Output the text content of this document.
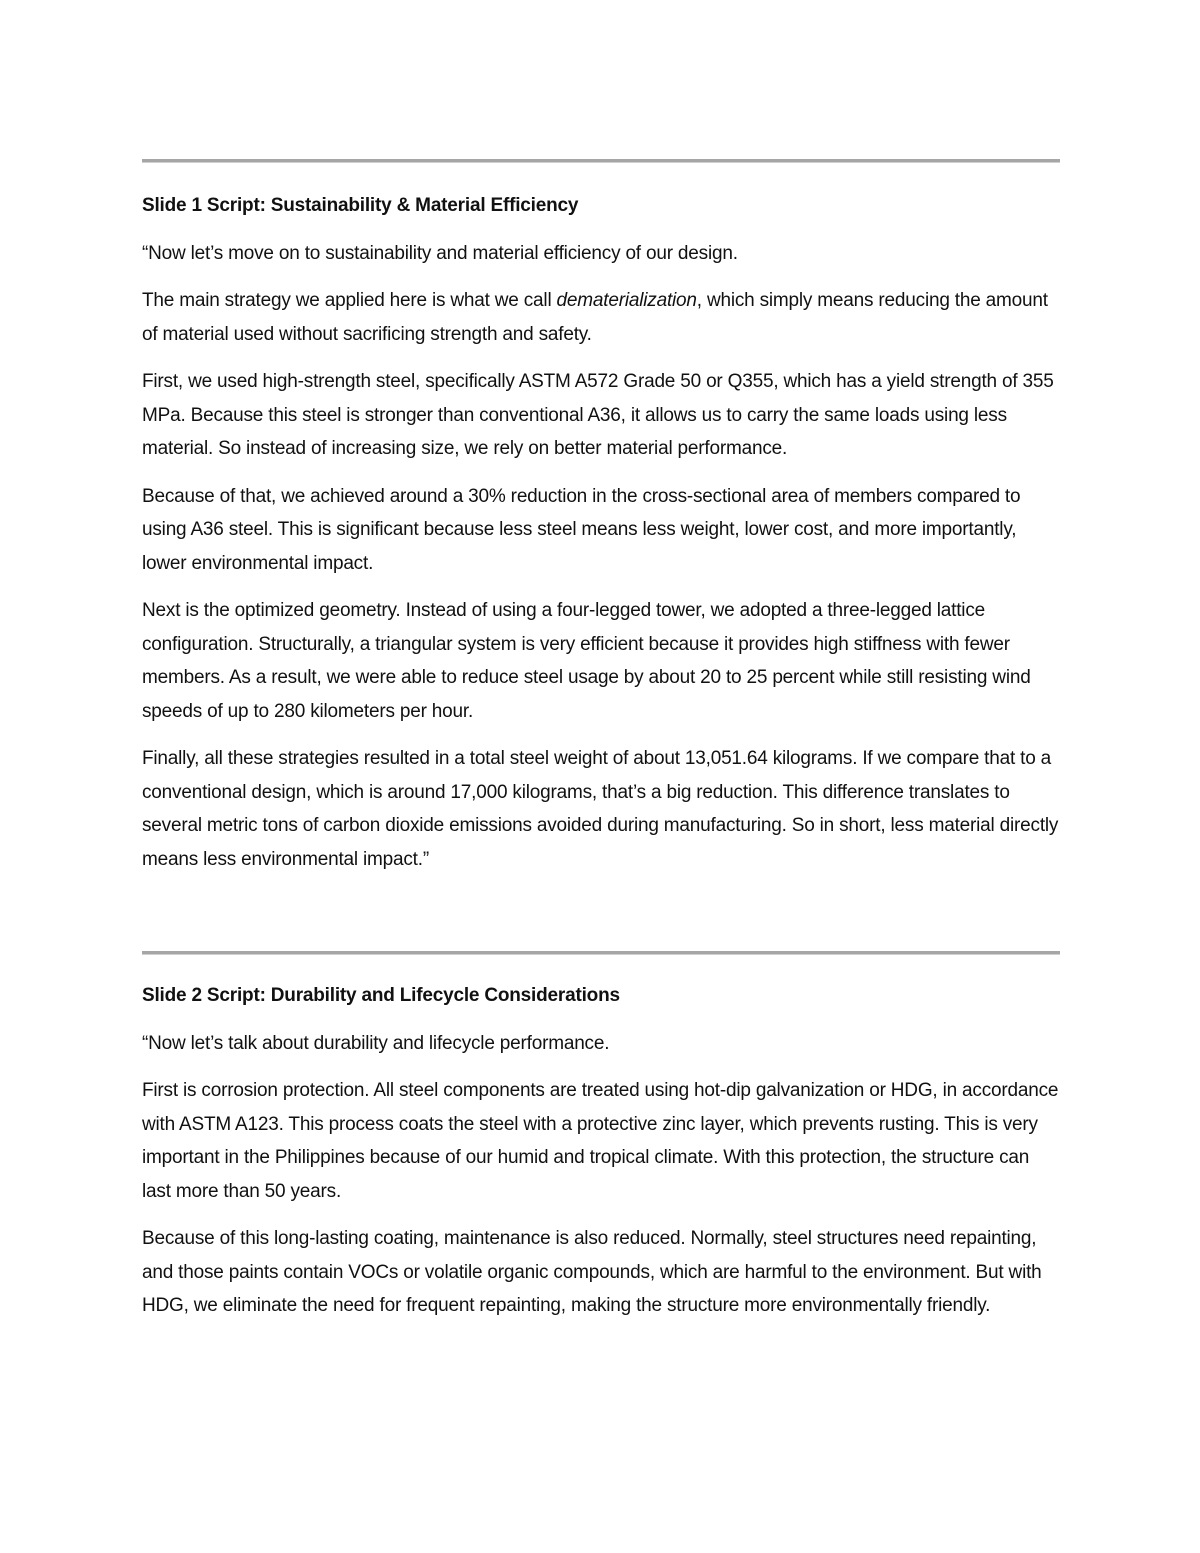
Slide 1 Script: Sustainability & Material Efficiency

“Now let’s move on to sustainability and material efficiency of our design.

The main strategy we applied here is what we call dematerialization, which simply means reducing the amount of material used without sacrificing strength and safety.

First, we used high-strength steel, specifically ASTM A572 Grade 50 or Q355, which has a yield strength of 355 MPa. Because this steel is stronger than conventional A36, it allows us to carry the same loads using less material. So instead of increasing size, we rely on better material performance.

Because of that, we achieved around a 30% reduction in the cross-sectional area of members compared to using A36 steel. This is significant because less steel means less weight, lower cost, and more importantly, lower environmental impact.

Next is the optimized geometry. Instead of using a four-legged tower, we adopted a three-legged lattice configuration. Structurally, a triangular system is very efficient because it provides high stiffness with fewer members. As a result, we were able to reduce steel usage by about 20 to 25 percent while still resisting wind speeds of up to 280 kilometers per hour.

Finally, all these strategies resulted in a total steel weight of about 13,051.64 kilograms. If we compare that to a conventional design, which is around 17,000 kilograms, that’s a big reduction. This difference translates to several metric tons of carbon dioxide emissions avoided during manufacturing. So in short, less material directly means less environmental impact.”

Slide 2 Script: Durability and Lifecycle Considerations

“Now let’s talk about durability and lifecycle performance.

First is corrosion protection. All steel components are treated using hot-dip galvanization or HDG, in accordance with ASTM A123. This process coats the steel with a protective zinc layer, which prevents rusting. This is very important in the Philippines because of our humid and tropical climate. With this protection, the structure can last more than 50 years.

Because of this long-lasting coating, maintenance is also reduced. Normally, steel structures need repainting, and those paints contain VOCs or volatile organic compounds, which are harmful to the environment. But with HDG, we eliminate the need for frequent repainting, making the structure more environmentally friendly.
